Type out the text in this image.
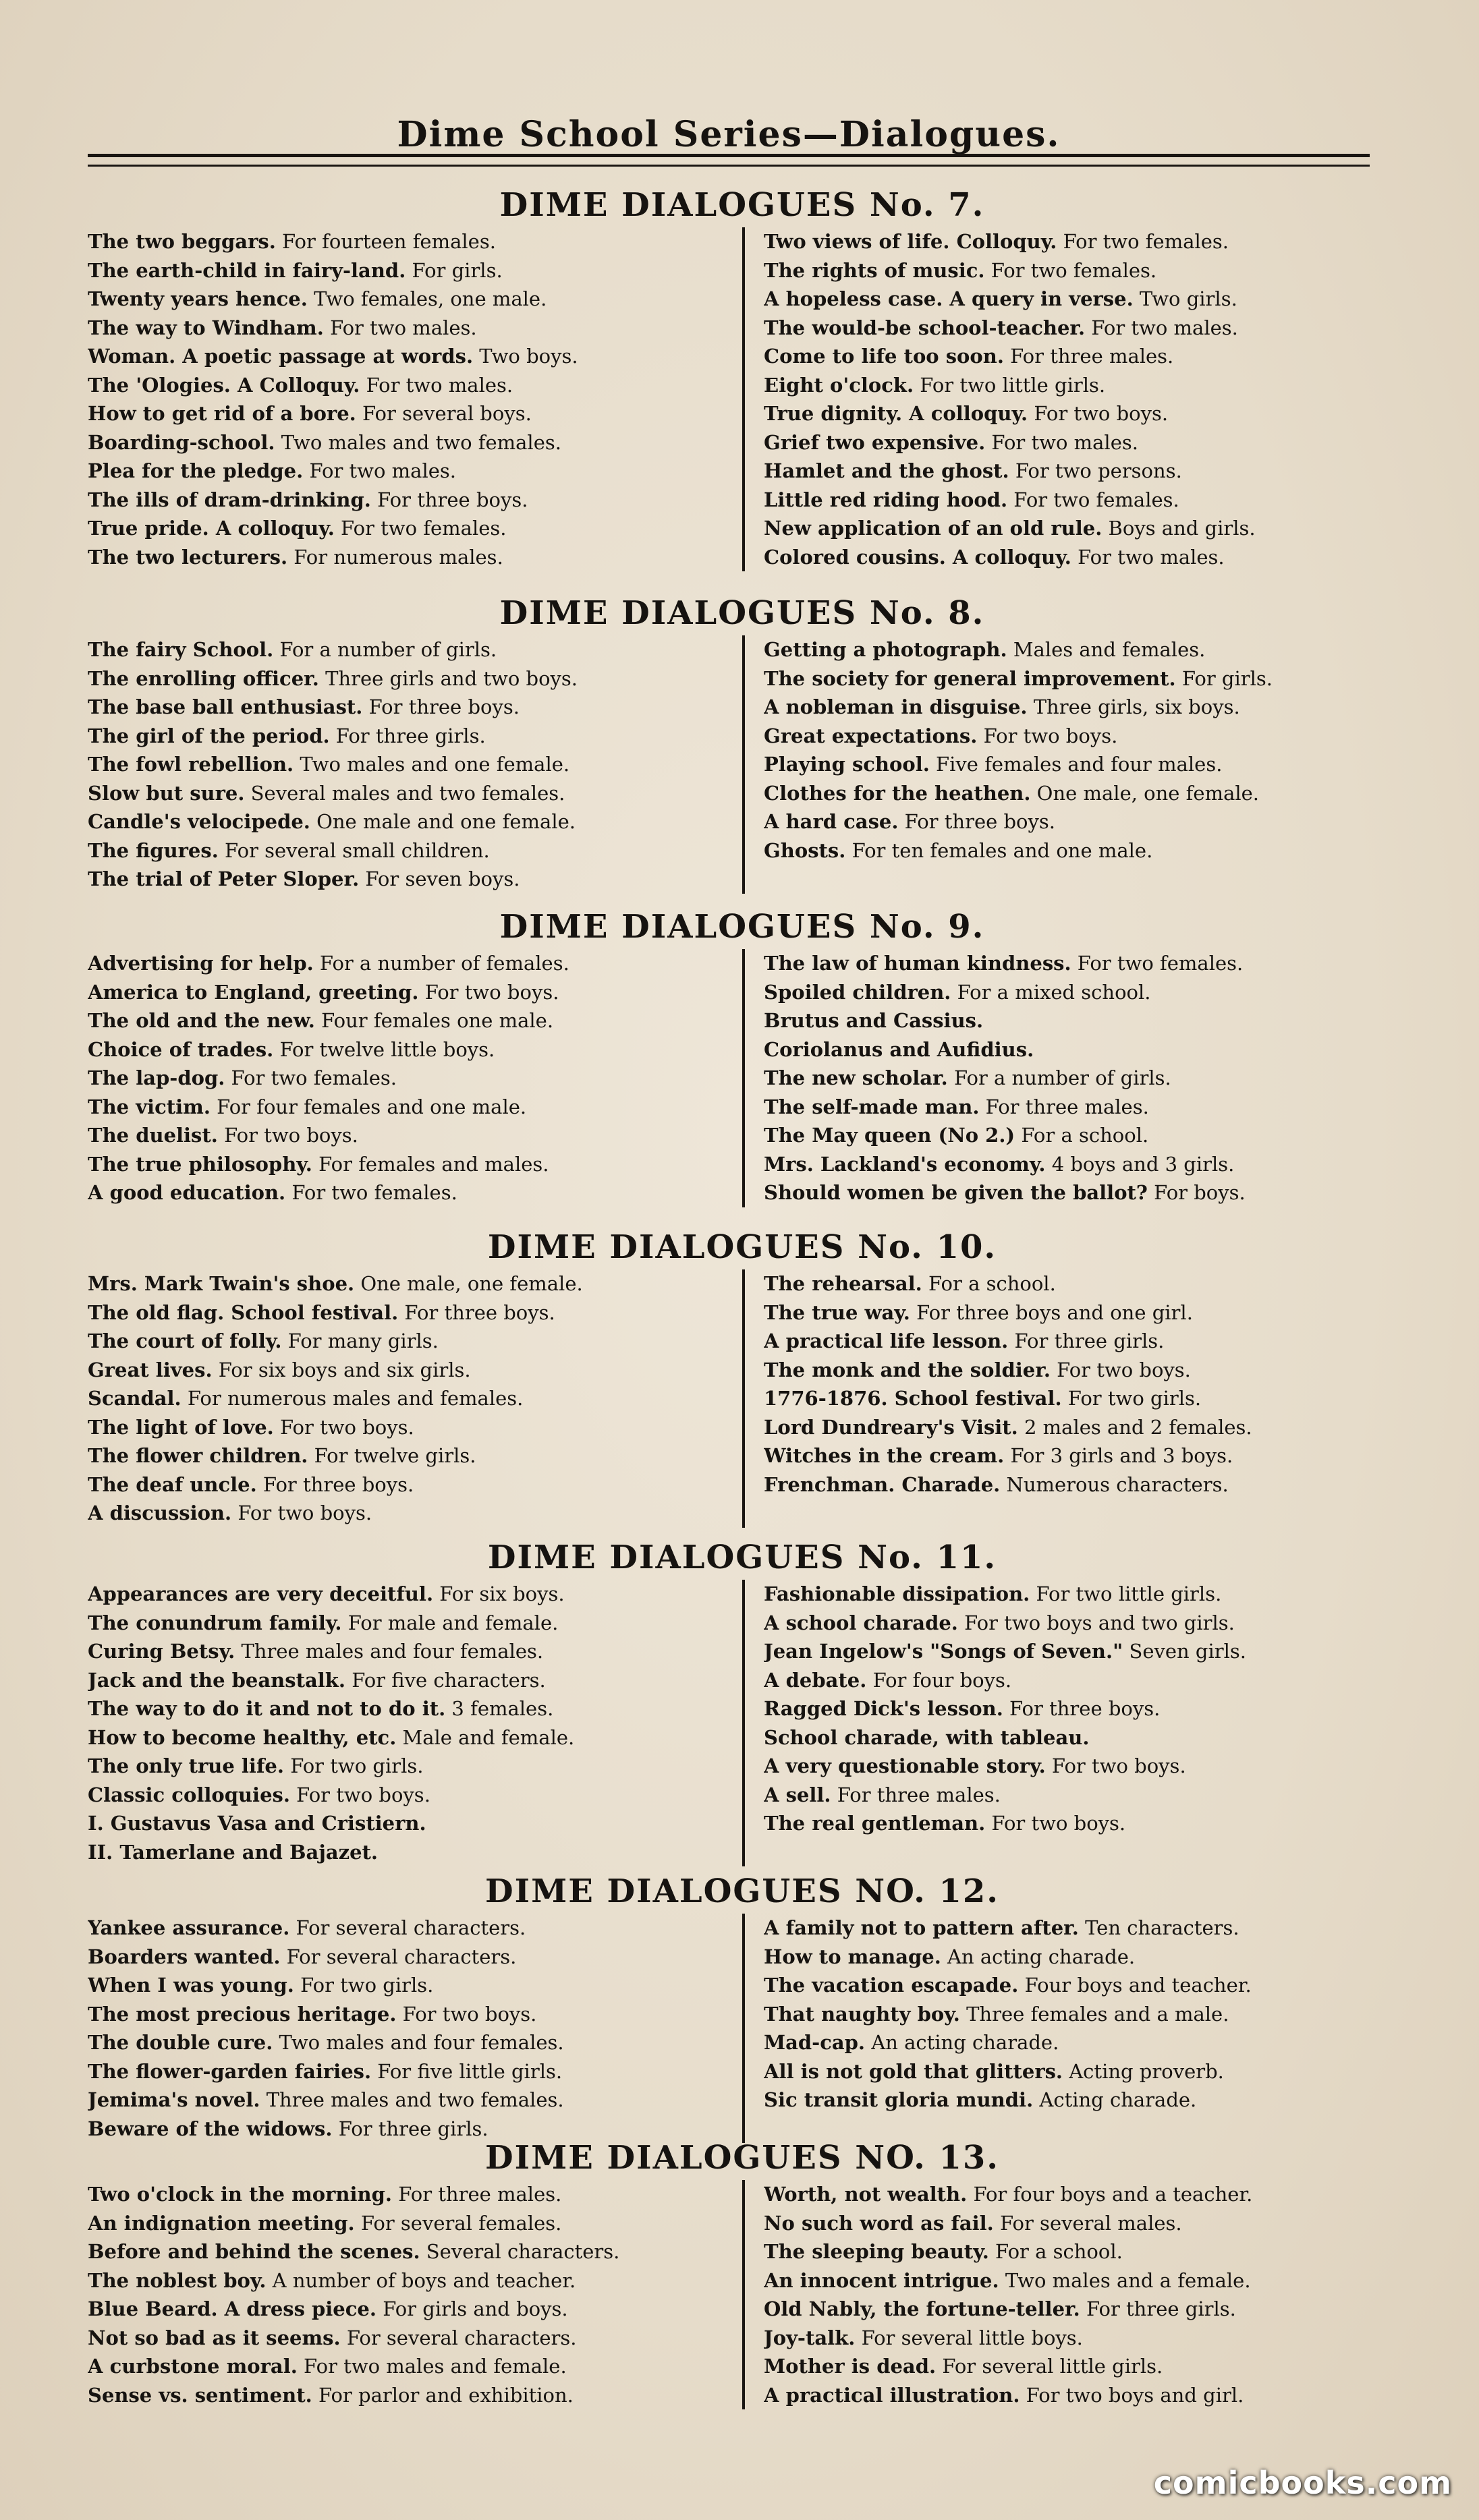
Dime School Series—Dialogues.
DIME DIALOGUES No. 7.
The two beggars. For fourteen females.
The earth-child in fairy-land. For girls.
Twenty years hence. Two females, one male.
The way to Windham. For two males.
Woman. A poetic passage at words. Two boys.
The 'Ologies. A Colloquy. For two males.
How to get rid of a bore. For several boys.
Boarding-school. Two males and two females.
Plea for the pledge. For two males.
The ills of dram-drinking. For three boys.
True pride. A colloquy. For two females.
The two lecturers. For numerous males.
Two views of life. Colloquy. For two females.
The rights of music. For two females.
A hopeless case. A query in verse. Two girls.
The would-be school-teacher. For two males.
Come to life too soon. For three males.
Eight o'clock. For two little girls.
True dignity. A colloquy. For two boys.
Grief two expensive. For two males.
Hamlet and the ghost. For two persons.
Little red riding hood. For two females.
New application of an old rule. Boys and girls.
Colored cousins. A colloquy. For two males.
DIME DIALOGUES No. 8.
The fairy School. For a number of girls.
The enrolling officer. Three girls and two boys.
The base ball enthusiast. For three boys.
The girl of the period. For three girls.
The fowl rebellion. Two males and one female.
Slow but sure. Several males and two females.
Candle's velocipede. One male and one female.
The figures. For several small children.
The trial of Peter Sloper. For seven boys.
Getting a photograph. Males and females.
The society for general improvement. For girls.
A nobleman in disguise. Three girls, six boys.
Great expectations. For two boys.
Playing school. Five females and four males.
Clothes for the heathen. One male, one female.
A hard case. For three boys.
Ghosts. For ten females and one male.
DIME DIALOGUES No. 9.
Advertising for help. For a number of females.
America to England, greeting. For two boys.
The old and the new. Four females one male.
Choice of trades. For twelve little boys.
The lap-dog. For two females.
The victim. For four females and one male.
The duelist. For two boys.
The true philosophy. For females and males.
A good education. For two females.
The law of human kindness. For two females.
Spoiled children. For a mixed school.
Brutus and Cassius.
Coriolanus and Aufidius.
The new scholar. For a number of girls.
The self-made man. For three males.
The May queen (No 2.) For a school.
Mrs. Lackland's economy. 4 boys and 3 girls.
Should women be given the ballot? For boys.
DIME DIALOGUES No. 10.
Mrs. Mark Twain's shoe. One male, one female.
The old flag. School festival. For three boys.
The court of folly. For many girls.
Great lives. For six boys and six girls.
Scandal. For numerous males and females.
The light of love. For two boys.
The flower children. For twelve girls.
The deaf uncle. For three boys.
A discussion. For two boys.
The rehearsal. For a school.
The true way. For three boys and one girl.
A practical life lesson. For three girls.
The monk and the soldier. For two boys.
1776-1876. School festival. For two girls.
Lord Dundreary's Visit. 2 males and 2 females.
Witches in the cream. For 3 girls and 3 boys.
Frenchman. Charade. Numerous characters.
DIME DIALOGUES No. 11.
Appearances are very deceitful. For six boys.
The conundrum family. For male and female.
Curing Betsy. Three males and four females.
Jack and the beanstalk. For five characters.
The way to do it and not to do it. 3 females.
How to become healthy, etc. Male and female.
The only true life. For two girls.
Classic colloquies. For two boys.
I. Gustavus Vasa and Cristiern.
II. Tamerlane and Bajazet.
Fashionable dissipation. For two little girls.
A school charade. For two boys and two girls.
Jean Ingelow's "Songs of Seven." Seven girls.
A debate. For four boys.
Ragged Dick's lesson. For three boys.
School charade, with tableau.
A very questionable story. For two boys.
A sell. For three males.
The real gentleman. For two boys.
DIME DIALOGUES NO. 12.
Yankee assurance. For several characters.
Boarders wanted. For several characters.
When I was young. For two girls.
The most precious heritage. For two boys.
The double cure. Two males and four females.
The flower-garden fairies. For five little girls.
Jemima's novel. Three males and two females.
Beware of the widows. For three girls.
A family not to pattern after. Ten characters.
How to manage. An acting charade.
The vacation escapade. Four boys and teacher.
That naughty boy. Three females and a male.
Mad-cap. An acting charade.
All is not gold that glitters. Acting proverb.
Sic transit gloria mundi. Acting charade.
DIME DIALOGUES NO. 13.
Two o'clock in the morning. For three males.
An indignation meeting. For several females.
Before and behind the scenes. Several characters.
The noblest boy. A number of boys and teacher.
Blue Beard. A dress piece. For girls and boys.
Not so bad as it seems. For several characters.
A curbstone moral. For two males and female.
Sense vs. sentiment. For parlor and exhibition.
Worth, not wealth. For four boys and a teacher.
No such word as fail. For several males.
The sleeping beauty. For a school.
An innocent intrigue. Two males and a female.
Old Nably, the fortune-teller. For three girls.
Joy-talk. For several little boys.
Mother is dead. For several little girls.
A practical illustration. For two boys and girl.
comicbooks.com
